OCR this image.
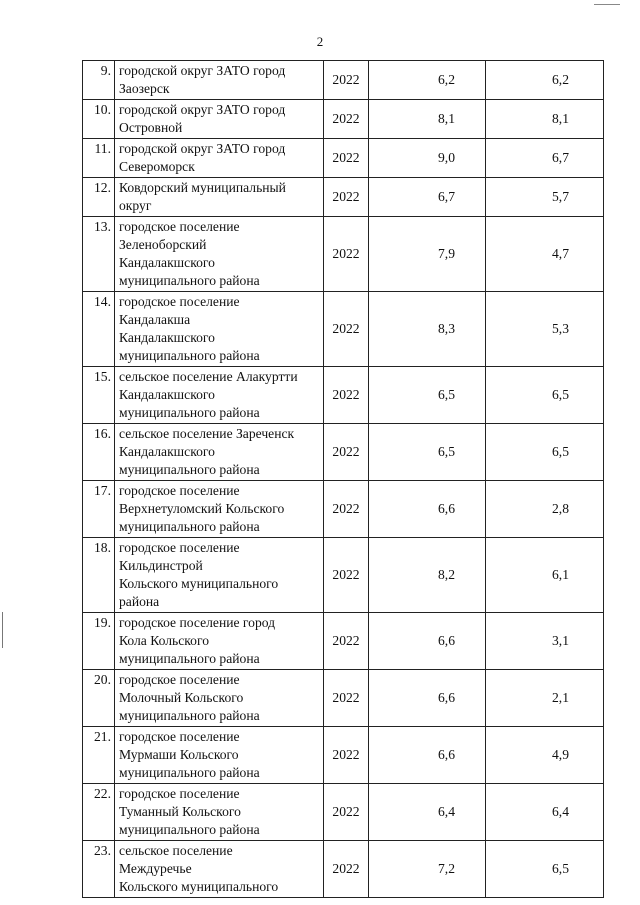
2
9.	городской округ ЗАТО город
Заозерск	2022	6,2	6,2
10.	городской округ ЗАТО город
Островной	2022	8,1	8,1
11.	городской округ ЗАТО город
Североморск	2022	9,0	6,7
12.	Ковдорский муниципальный
округ	2022	6,7	5,7
13.	городское поселение
Зеленоборский
Кандалакшского
муниципального района	2022	7,9	4,7
14.	городское поселение
Кандалакша
Кандалакшского
муниципального района	2022	8,3	5,3
15.	сельское поселение Алакуртти
Кандалакшского
муниципального района	2022	6,5	6,5
16.	сельское поселение Зареченск
Кандалакшского
муниципального района	2022	6,5	6,5
17.	городское поселение
Верхнетуломский Кольского
муниципального района	2022	6,6	2,8
18.	городское поселение
Кильдинстрой
Кольского муниципального
района	2022	8,2	6,1
19.	городское поселение город
Кола Кольского
муниципального района	2022	6,6	3,1
20.	городское поселение
Молочный Кольского
муниципального района	2022	6,6	2,1
21.	городское поселение
Мурмаши Кольского
муниципального района	2022	6,6	4,9
22.	городское поселение
Туманный Кольского
муниципального района	2022	6,4	6,4
23.	сельское поселение
Междуречье
Кольского муниципального	2022	7,2	6,5
